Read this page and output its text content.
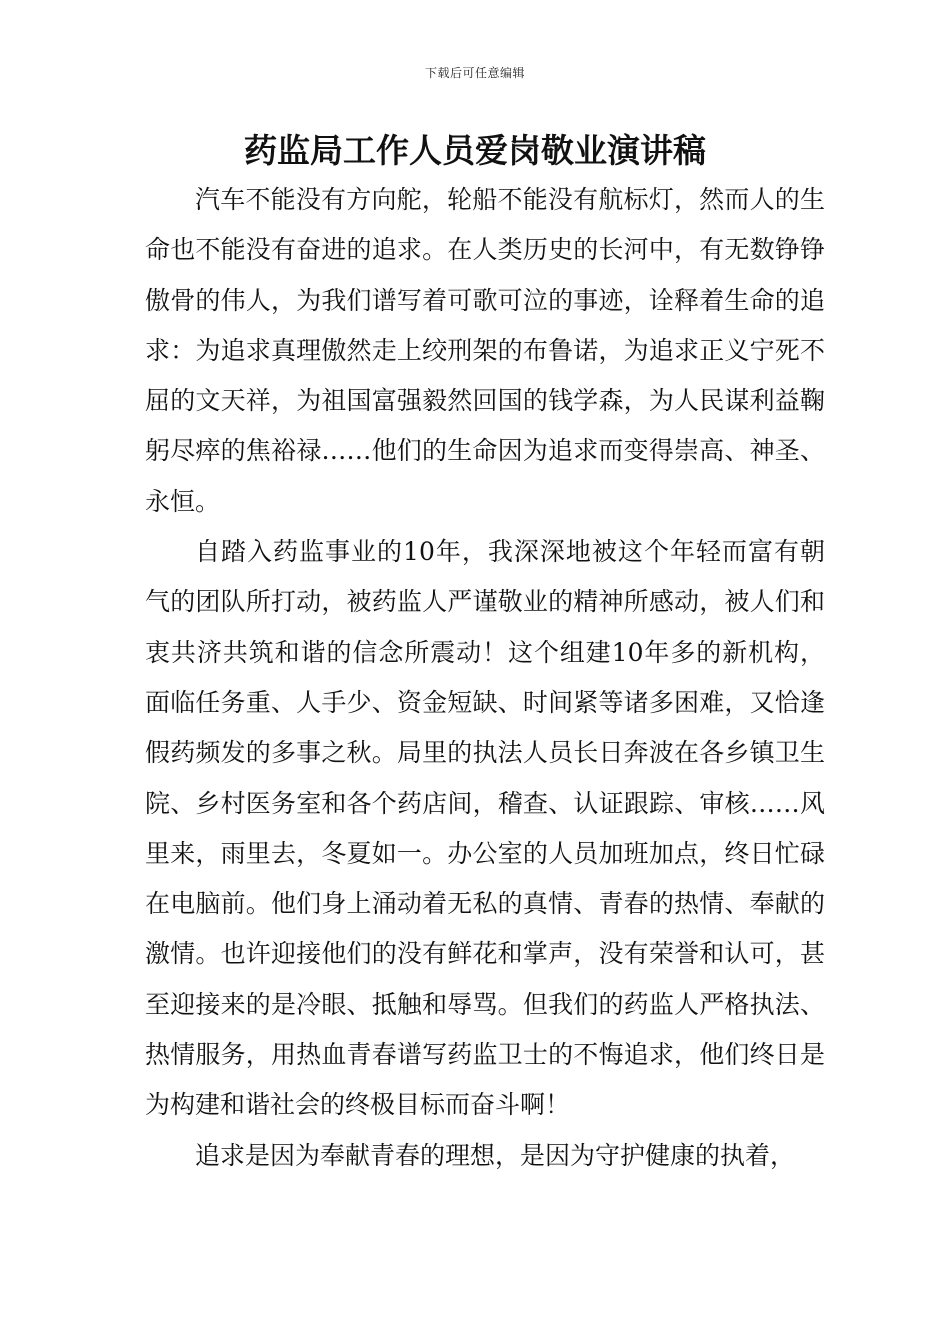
下载后可任意编辑
药监局工作人员爱岗敬业演讲稿

汽车不能没有方向舵，轮船不能没有航标灯，然而人的生命也不能没有奋进的追求。在人类历史的长河中，有无数铮铮傲骨的伟人，为我们谱写着可歌可泣的事迹，诠释着生命的追求：为追求真理傲然走上绞刑架的布鲁诺，为追求正义宁死不屈的文天祥，为祖国富强毅然回国的钱学森，为人民谋利益鞠躬尽瘁的焦裕禄……他们的生命因为追求而变得崇高、神圣、永恒。

自踏入药监事业的10年，我深深地被这个年轻而富有朝气的团队所打动，被药监人严谨敬业的精神所感动，被人们和衷共济共筑和谐的信念所震动！这个组建10年多的新机构，面临任务重、人手少、资金短缺、时间紧等诸多困难，又恰逢假药频发的多事之秋。局里的执法人员长日奔波在各乡镇卫生院、乡村医务室和各个药店间，稽查、认证跟踪、审核……风里来，雨里去，冬夏如一。办公室的人员加班加点，终日忙碌在电脑前。他们身上涌动着无私的真情、青春的热情、奉献的激情。也许迎接他们的没有鲜花和掌声，没有荣誉和认可，甚至迎接来的是冷眼、抵触和辱骂。但我们的药监人严格执法、热情服务，用热血青春谱写药监卫士的不悔追求，他们终日是为构建和谐社会的终极目标而奋斗啊！

追求是因为奉献青春的理想，是因为守护健康的执着，
